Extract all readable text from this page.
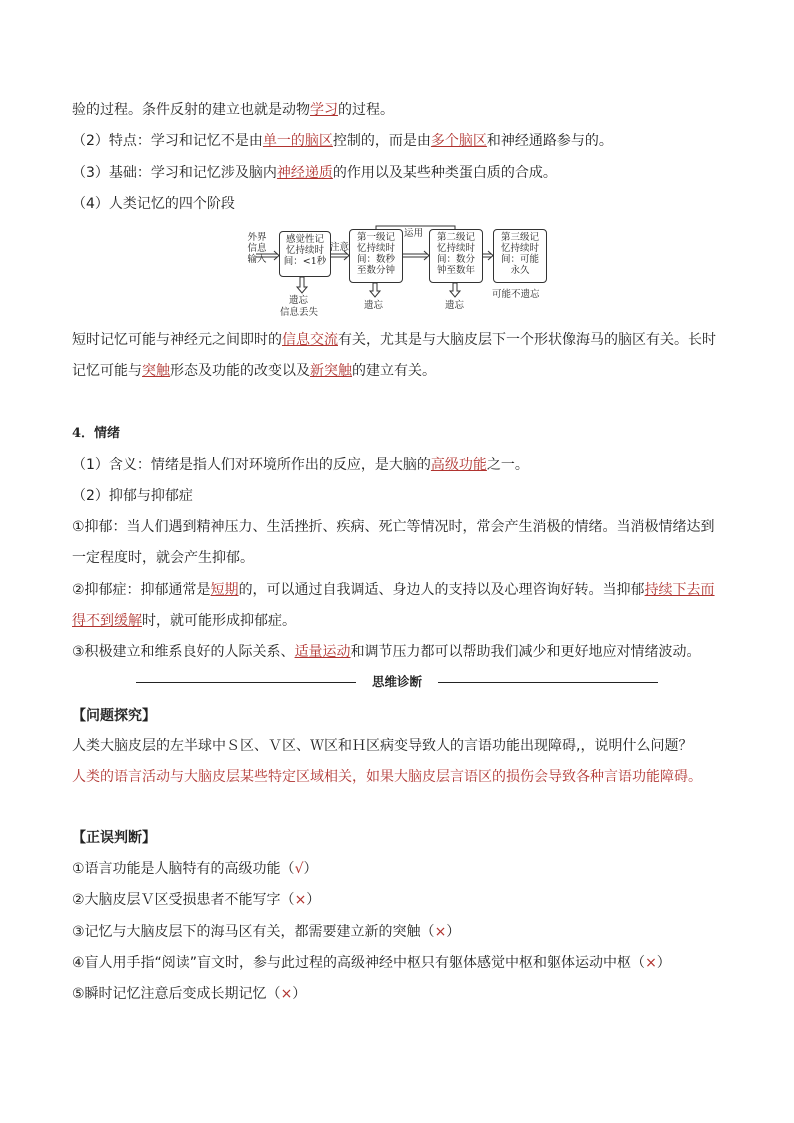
验的过程。条件反射的建立也就是动物学习的过程。
（2）特点：学习和记忆不是由单一的脑区控制的，而是由多个脑区和神经通路参与的。
（3）基础：学习和记忆涉及脑内神经递质的作用以及某些种类蛋白质的合成。
（4）人类记忆的四个阶段
外界信息输入
感觉性记忆持续时间：<1秒
注意
第一级记忆持续时间：数秒至数分钟
运用	第二级记忆持续时间：数分钟至数年
第三级记忆持续时间：可能永久
遗忘
信息丢失
遗忘	遗忘
可能不遗忘
短时记忆可能与神经元之间即时的信息交流有关，尤其是与大脑皮层下一个形状像海马的脑区有关。长时
记忆可能与突触形态及功能的改变以及新突触的建立有关。
4．情绪
（1）含义：情绪是指人们对环境所作出的反应，是大脑的高级功能之一。
（2）抑郁与抑郁症
①抑郁：当人们遇到精神压力、生活挫折、疾病、死亡等情况时，常会产生消极的情绪。当消极情绪达到
一定程度时，就会产生抑郁。
②抑郁症：抑郁通常是短期的，可以通过自我调适、身边人的支持以及心理咨询好转。当抑郁持续下去而
得不到缓解时，就可能形成抑郁症。
③积极建立和维系良好的人际关系、适量运动和调节压力都可以帮助我们减少和更好地应对情绪波动。
思维诊断
【问题探究】
人类大脑皮层的左半球中Ｓ区、Ｖ区、Ｗ区和Ｈ区病变导致人的言语功能出现障碍,，说明什么问题？
人类的语言活动与大脑皮层某些特定区域相关，如果大脑皮层言语区的损伤会导致各种言语功能障碍。
【正误判断】
①语言功能是人脑特有的高级功能（√）
②大脑皮层Ｖ区受损患者不能写字（×）
③记忆与大脑皮层下的海马区有关，都需要建立新的突触（×）
④盲人用手指“阅读”盲文时，参与此过程的高级神经中枢只有躯体感觉中枢和躯体运动中枢（×）
⑤瞬时记忆注意后变成长期记忆（×）
